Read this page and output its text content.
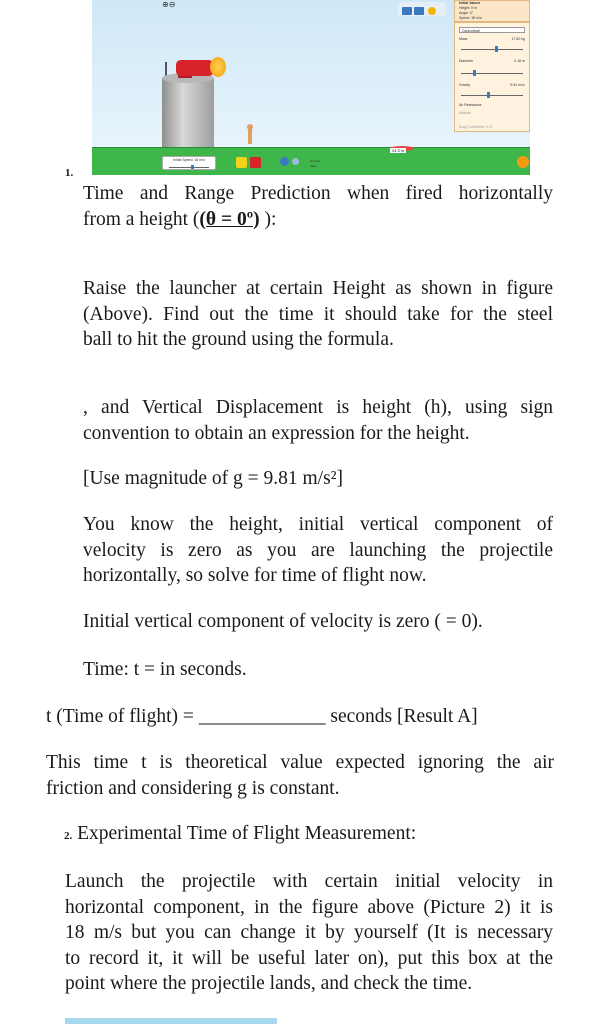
⊕⊖
24.3 m
Initial Values
Height: 9 m
Angle: 0°
Speed: 18 m/s
Cannonball
Mass	17.60 kg
Diameter	0.18 m
Gravity	9.81 m/s²
Air Resistance
Altitude
Drag Coefficient: 0.47
Initial Speed: 18 m/s	Normal
Slow
1.
Time and Range Prediction when fired horizontally
from a height ((θ = 0º) ):
Raise the launcher at certain Height as shown in figure
(Above). Find out the time it should take for the steel
ball to hit the ground using the formula.
, and Vertical Displacement is height (h), using sign
convention to obtain an expression for the height.
[Use magnitude of g = 9.81 m/s²]
You know the height, initial vertical component of
velocity is zero as you are launching the projectile
horizontally, so solve for time of flight now.
Initial vertical component of velocity is zero ( = 0).
Time: t = in seconds.
t (Time of flight) = _____________ seconds [Result A]
This time t is theoretical value expected ignoring the air
friction and considering g is constant.
2. Experimental Time of Flight Measurement:
Launch the projectile with certain initial velocity in
horizontal component, in the figure above (Picture 2) it is
18 m/s but you can change it by yourself (It is necessary
to record it, it will be useful later on), put this box at the
point where the projectile lands, and check the time.
